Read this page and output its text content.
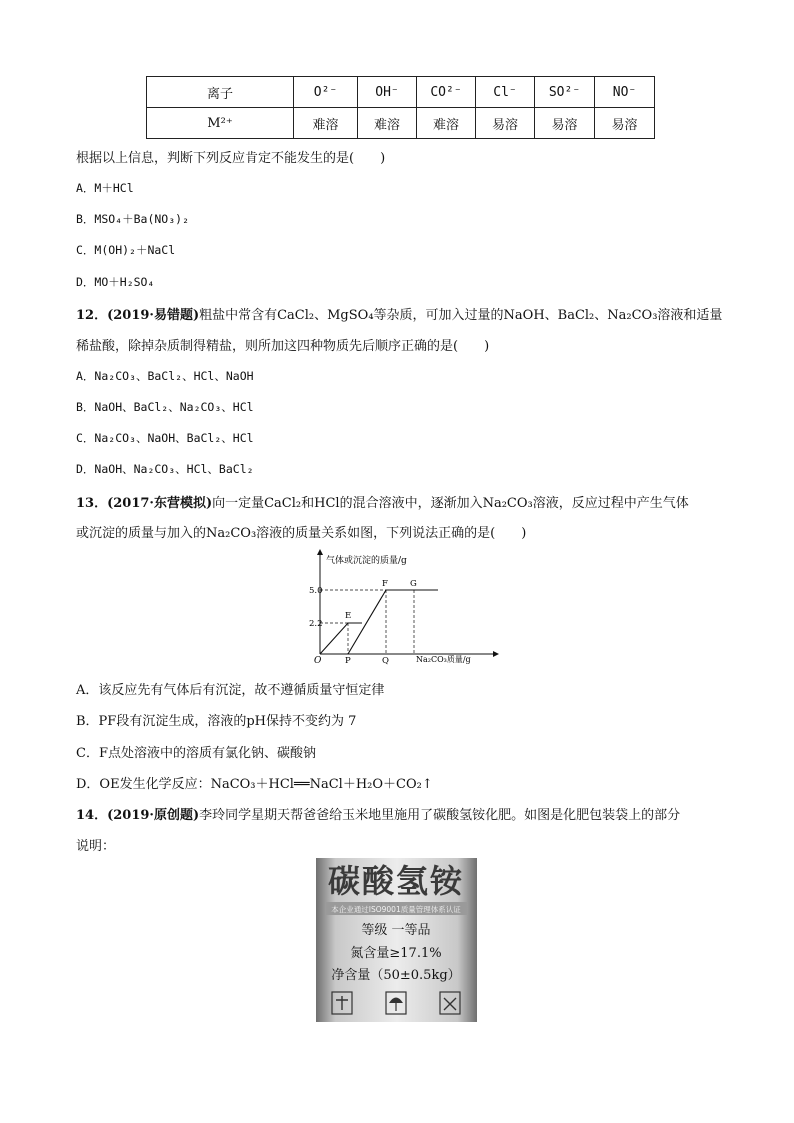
离子	O²⁻	OH⁻	CO²⁻	Cl⁻	SO²⁻	NO⁻
M²⁺	难溶	难溶	难溶	易溶	易溶	易溶
根据以上信息，判断下列反应肯定不能发生的是(　　)
A．M＋HCl
B．MSO₄＋Ba(NO₃)₂
C．M(OH)₂＋NaCl
D．MO＋H₂SO₄
12．(2019·易错题)粗盐中常含有CaCl₂、MgSO₄等杂质，可加入过量的NaOH、BaCl₂、Na₂CO₃溶液和适量
稀盐酸，除掉杂质制得精盐，则所加这四种物质先后顺序正确的是(　　)
A．Na₂CO₃、BaCl₂、HCl、NaOH
B．NaOH、BaCl₂、Na₂CO₃、HCl
C．Na₂CO₃、NaOH、BaCl₂、HCl
D．NaOH、Na₂CO₃、HCl、BaCl₂
13．(2017·东营模拟)向一定量CaCl₂和HCl的混合溶液中，逐渐加入Na₂CO₃溶液，反应过程中产生气体
或沉淀的质量与加入的Na₂CO₃溶液的质量关系如图，下列说法正确的是(　　)
气体或沉淀的质量/g
Na₂CO₃质量/g
5.0
2.2
O	P	Q
E
F	G
A．该反应先有气体后有沉淀，故不遵循质量守恒定律
B．PF段有沉淀生成，溶液的pH保持不变约为 7
C．F点处溶液中的溶质有氯化钠、碳酸钠
D．OE发生化学反应：NaCO₃＋HCl══NaCl＋H₂O＋CO₂↑
14．(2019·原创题)李玲同学星期天帮爸爸给玉米地里施用了碳酸氢铵化肥。如图是化肥包装袋上的部分
说明：
碳酸氢铵
本企业通过ISO9001质量管理体系认证
等级 一等品
氮含量≥17.1%
净含量（50±0.5kg）
